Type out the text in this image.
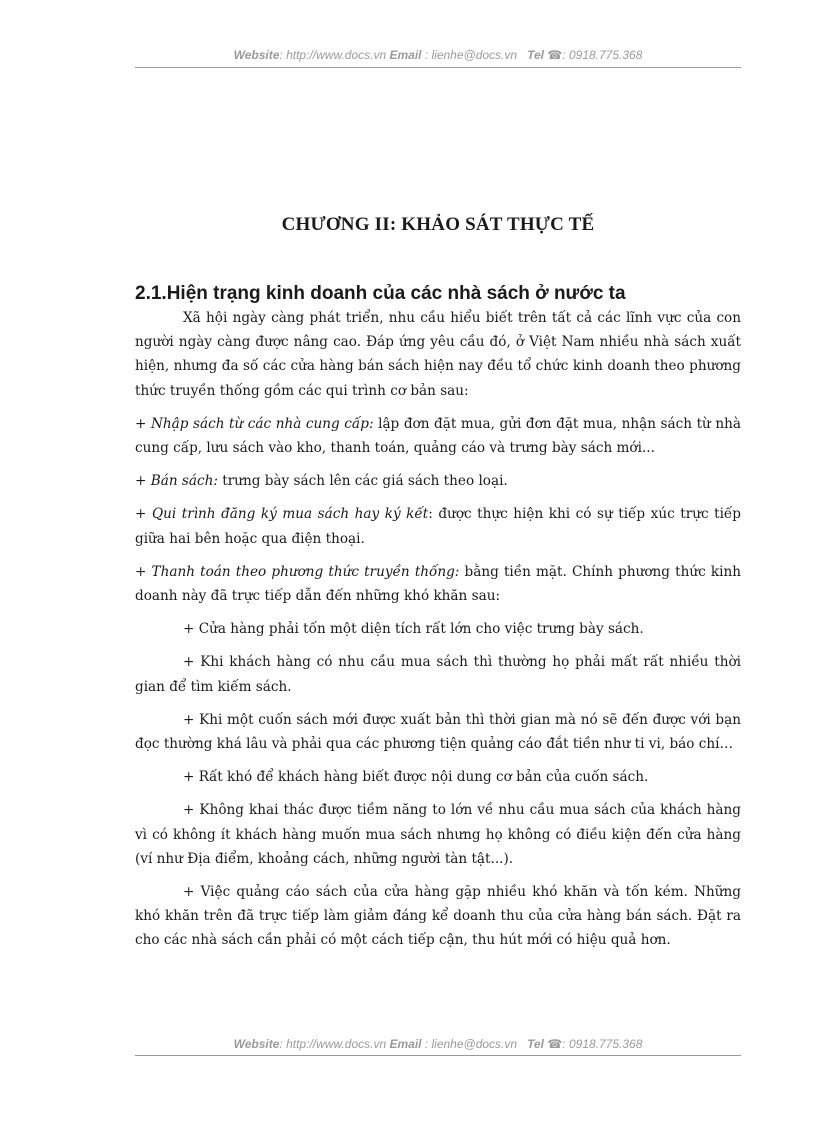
Website: http://www.docs.vn Email : lienhe@docs.vn Tel ☎: 0918.775.368
CHƯƠNG II: KHẢO SÁT THỰC TẾ
2.1.Hiện trạng kinh doanh của các nhà sách ở nước ta

Xã hội ngày càng phát triển, nhu cầu hiểu biết trên tất cả các lĩnh vực của con người ngày càng được nâng cao. Đáp ứng yêu cầu đó, ở Việt Nam nhiều nhà sách xuất hiện, nhưng đa số các cửa hàng bán sách hiện nay đều tổ chức kinh doanh theo phương thức truyền thống gồm các qui trình cơ bản sau:

+ Nhập sách từ các nhà cung cấp: lập đơn đặt mua, gửi đơn đặt mua, nhận sách từ nhà cung cấp, lưu sách vào kho, thanh toán, quảng cáo và trưng bày sách mới...

+ Bán sách: trưng bày sách lên các giá sách theo loại.

+ Qui trình đăng ký mua sách hay ký kết: được thực hiện khi có sự tiếp xúc trực tiếp giữa hai bên hoặc qua điện thoại.

+ Thanh toán theo phương thức truyền thống: bằng tiền mặt. Chính phương thức kinh doanh này đã trực tiếp dẫn đến những khó khăn sau:

+ Cửa hàng phải tốn một diện tích rất lớn cho việc trưng bày sách.

+ Khi khách hàng có nhu cầu mua sách thì thường họ phải mất rất nhiều thời gian để tìm kiếm sách.

+ Khi một cuốn sách mới được xuất bản thì thời gian mà nó sẽ đến được với bạn đọc thường khá lâu và phải qua các phương tiện quảng cáo đắt tiền như ti vi, báo chí…

+ Rất khó để khách hàng biết được nội dung cơ bản của cuốn sách.

+ Không khai thác được tiềm năng to lớn về nhu cầu mua sách của khách hàng vì có không ít khách hàng muốn mua sách nhưng họ không có điều kiện đến cửa hàng (ví như Địa điểm, khoảng cách, những người tàn tật...).

+ Việc quảng cáo sách của cửa hàng gặp nhiều khó khăn và tốn kém. Những khó khăn trên đã trực tiếp làm giảm đáng kể doanh thu của cửa hàng bán sách. Đặt ra cho các nhà sách cần phải có một cách tiếp cận, thu hút mới có hiệu quả hơn.

Website: http://www.docs.vn Email : lienhe@docs.vn Tel ☎: 0918.775.368
